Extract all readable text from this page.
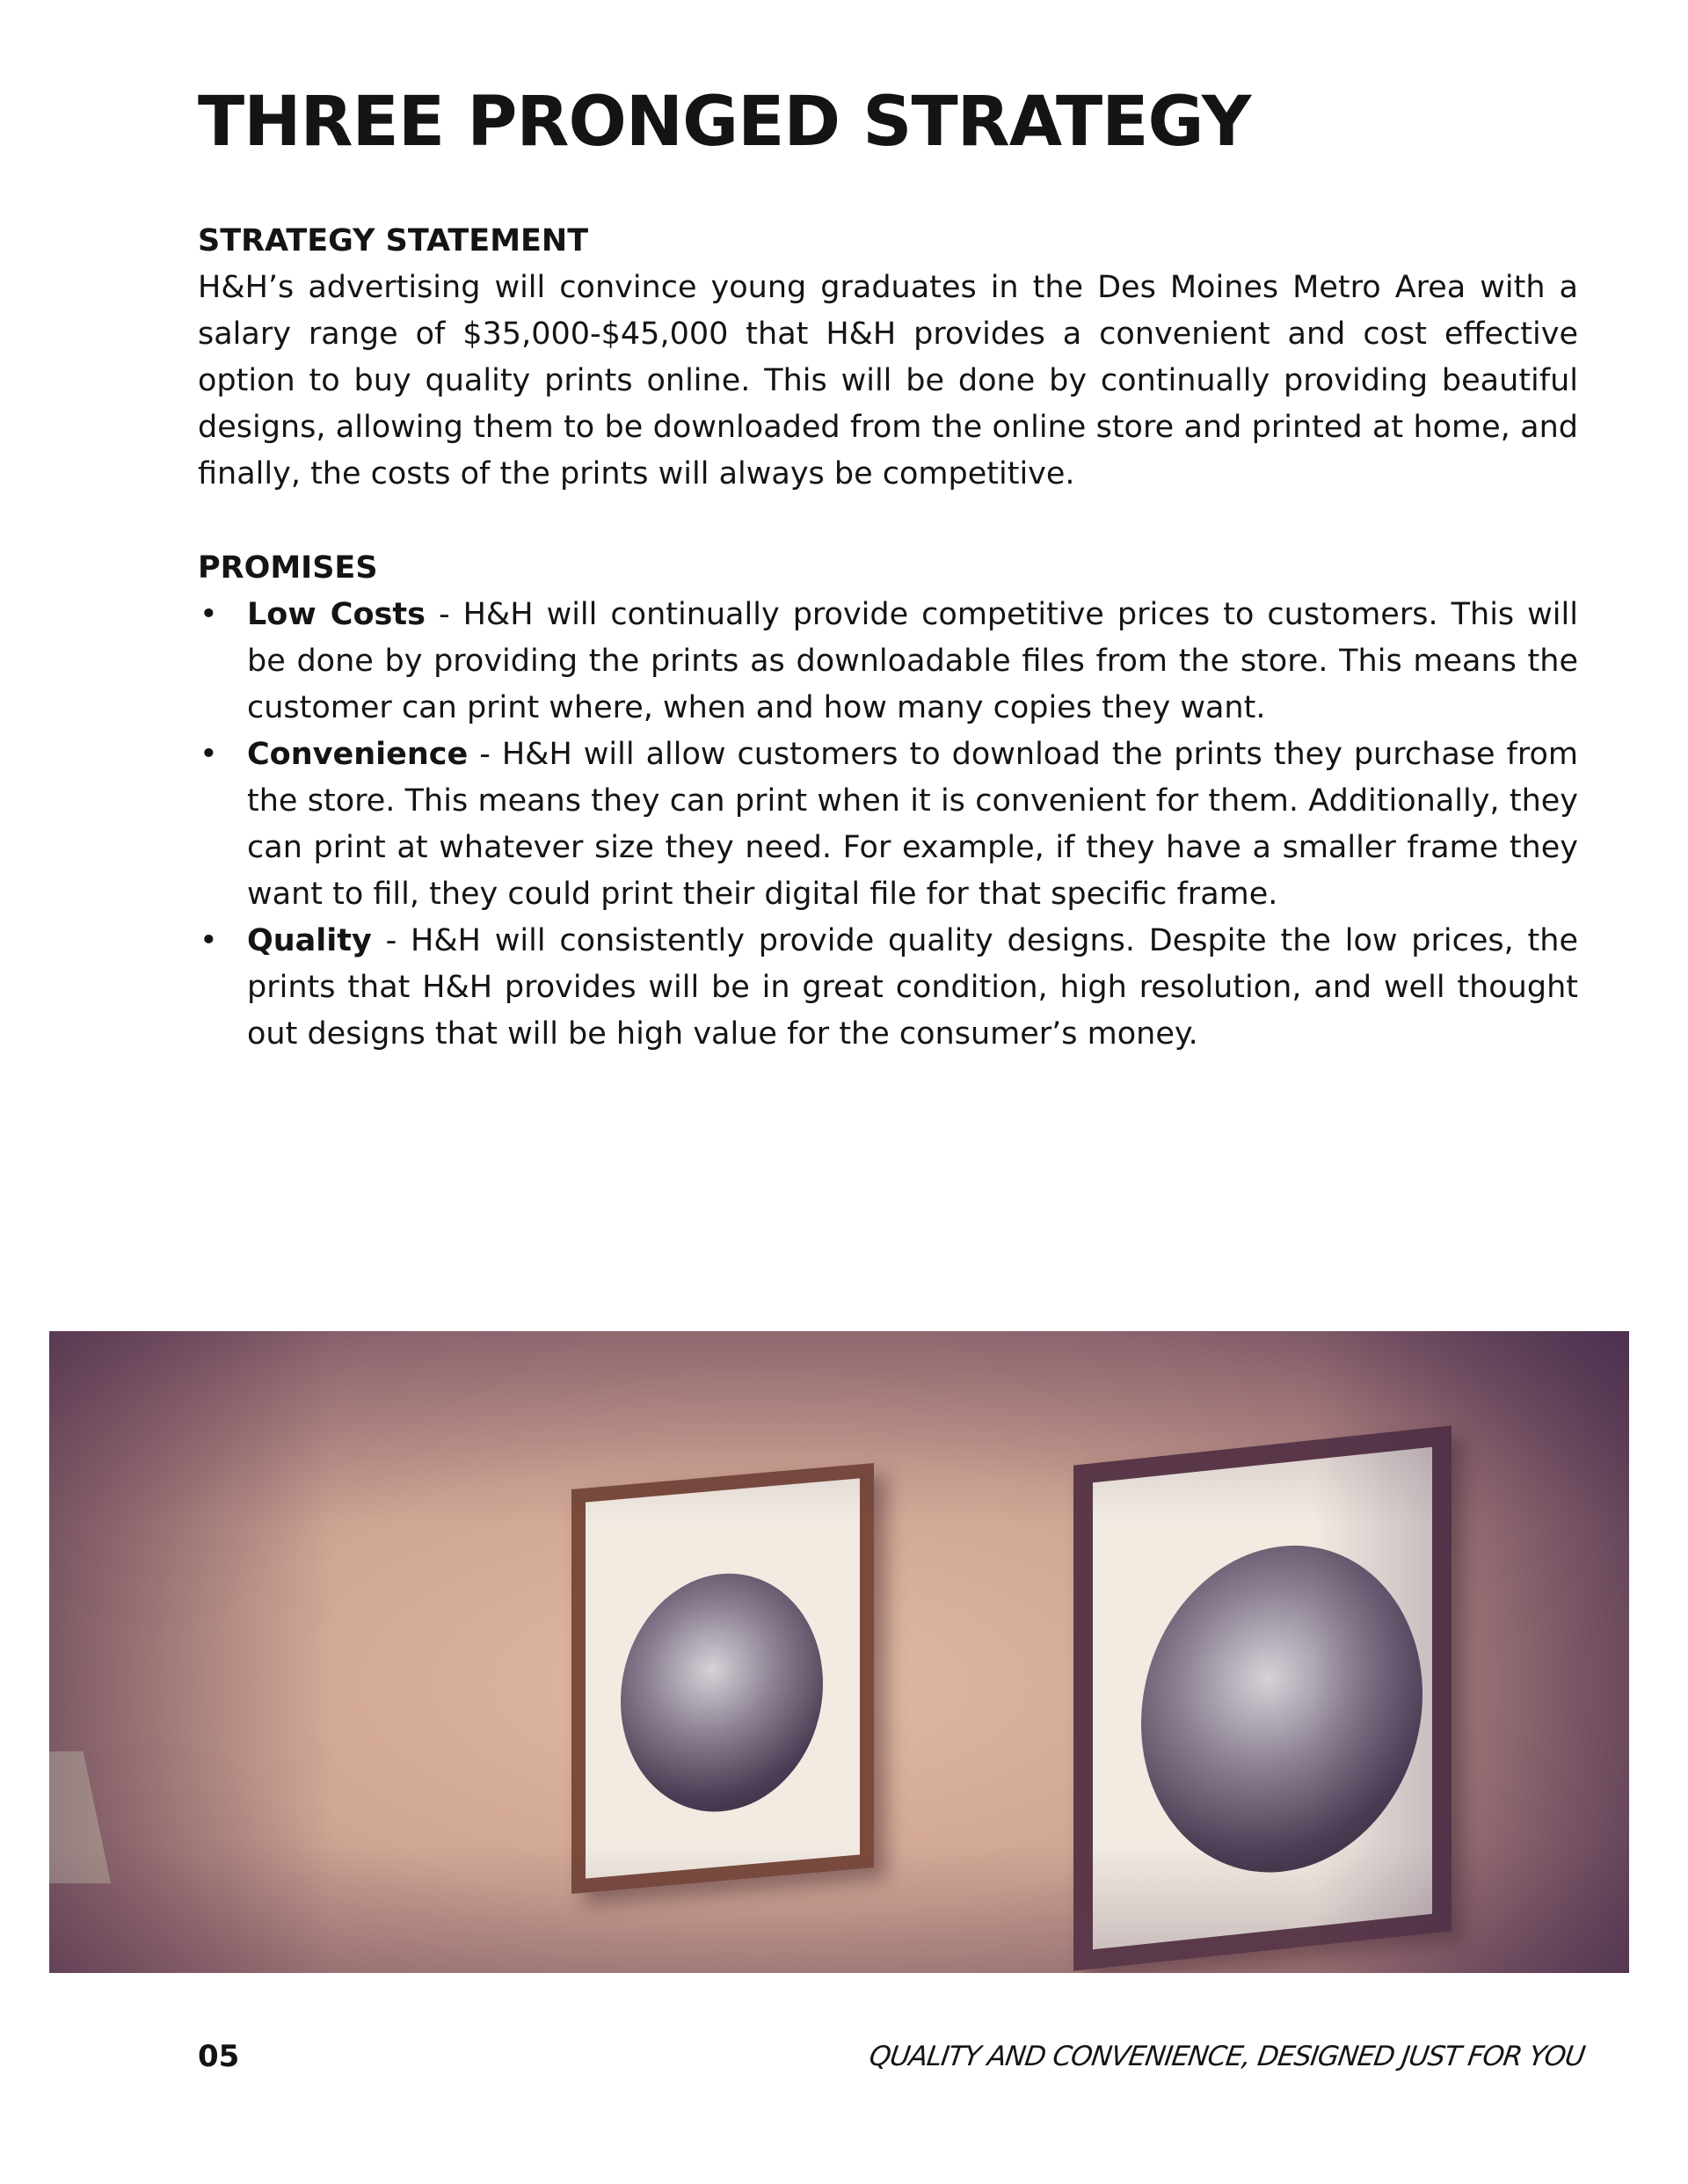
THREE PRONGED STRATEGY
STRATEGY STATEMENT

H&H’s advertising will convince young graduates in the Des Moines Metro Area with a salary range of $35,000-$45,000 that H&H provides a convenient and cost effective option to buy quality prints online. This will be done by continually providing beautiful designs, allowing them to be downloaded from the online store and printed at home, and finally, the costs of the prints will always be competitive.

PROMISES
• Low Costs - H&H will continually provide competitive prices to customers. This will be done by providing the prints as downloadable files from the store. This means the customer can print where, when and how many copies they want.
• Convenience - H&H will allow customers to download the prints they purchase from the store. This means they can print when it is convenient for them. Additionally, they can print at whatever size they need. For example, if they have a smaller frame they want to fill, they could print their digital file for that specific frame.
• Quality - H&H will consistently provide quality designs. Despite the low prices, the prints that H&H provides will be in great condition, high resolution, and well thought out designs that will be high value for the consumer’s money.

05	QUALITY AND CONVENIENCE, DESIGNED JUST FOR YOU
